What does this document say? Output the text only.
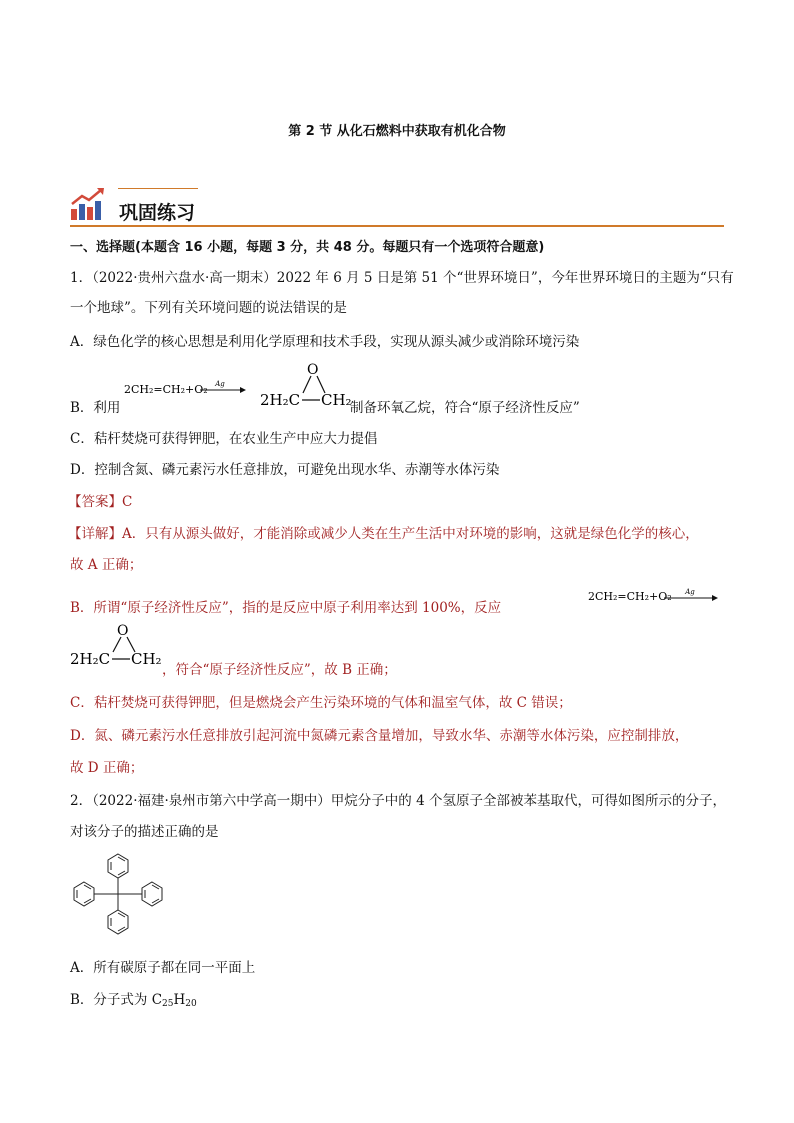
第 2 节 从化石燃料中获取有机化合物
巩固练习
一、选择题(本题含 16 小题，每题 3 分，共 48 分。每题只有一个选项符合题意)
1．（2022·贵州六盘水·高一期末）2022 年 6 月 5 日是第 51 个“世界环境日”，今年世界环境日的主题为“只有
一个地球”。下列有关环境问题的说法错误的是
A．绿色化学的核心思想是利用化学原理和技术手段，实现从源头减少或消除环境污染
B．利用
2CH₂=CH₂+O₂ Ag
2H₂C CH₂
O
制备环氧乙烷，符合“原子经济性反应”
C．秸杆焚烧可获得钾肥，在农业生产中应大力提倡
D．控制含氮、磷元素污水任意排放，可避免出现水华、赤潮等水体污染
【答案】C
【详解】A．只有从源头做好，才能消除或减少人类在生产生活中对环境的影响，这就是绿色化学的核心，
故 A 正确；
B．所谓“原子经济性反应”，指的是反应中原子利用率达到 100%，反应
2CH₂=CH₂+O₂ Ag
2H₂C CH₂
O
，符合“原子经济性反应”，故 B 正确；
C．秸杆焚烧可获得钾肥，但是燃烧会产生污染环境的气体和温室气体，故 C 错误；
D．氮、磷元素污水任意排放引起河流中氮磷元素含量增加，导致水华、赤潮等水体污染，应控制排放，
故 D 正确；
2．（2022·福建·泉州市第六中学高一期中）甲烷分子中的 4 个氢原子全部被苯基取代，可得如图所示的分子，
对该分子的描述正确的是
A．所有碳原子都在同一平面上
B．分子式为 $C_{25}H_{20}$
